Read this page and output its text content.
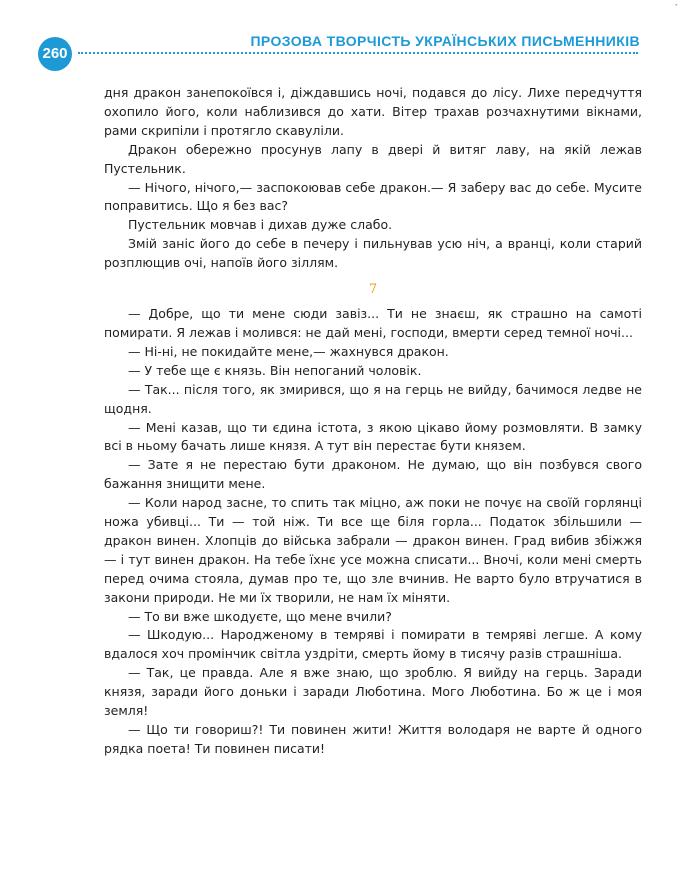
◔
260
ПРОЗОВА ТВОРЧІСТЬ УКРАЇНСЬКИХ ПИСЬМЕННИКІВ

дня дракон занепокоївся і, діждавшись ночі, подався до лісу. Лихе передчуття охопило його, коли наблизився до хати. Вітер трахав розчахнутими вікнами, рами скрипіли і протягло скавуліли.

Дракон обережно просунув лапу в двері й витяг лаву, на якій лежав Пустельник.

— Нічого, нічого,— заспокоював себе дракон.— Я заберу вас до себе. Мусите поправитись. Що я без вас?

Пустельник мовчав і дихав дуже слабо.

Змій заніс його до себе в печеру і пильнував усю ніч, а вранці, коли старий розплющив очі, напоїв його зіллям.

7

— Добре, що ти мене сюди завіз... Ти не знаєш, як страшно на самоті помирати. Я лежав і молився: не дай мені, господи, вмерти серед темної ночі...

— Ні-ні, не покидайте мене,— жахнувся дракон.

— У тебе ще є князь. Він непоганий чоловік.

— Так... після того, як змирився, що я на герць не вийду, бачимося ледве не щодня.

— Мені казав, що ти єдина істота, з якою цікаво йому розмовляти. В замку всі в ньому бачать лише князя. А тут він перестає бути князем.

— Зате я не перестаю бути драконом. Не думаю, що він позбувся свого бажання знищити мене.

— Коли народ засне, то спить так міцно, аж поки не почує на своїй горлянці ножа убивці... Ти — той ніж. Ти все ще біля горла... Податок збільшили — дракон винен. Хлопців до війська забрали — дракон винен. Град вибив збіжжя — і тут винен дракон. На тебе їхнє усе можна списати... Вночі, коли мені смерть перед очима стояла, думав про те, що зле вчинив. Не варто було втручатися в закони природи. Не ми їх творили, не нам їх міняти.

— То ви вже шкодуєте, що мене вчили?

— Шкодую... Народженому в темряві і помирати в темряві легше. А кому вдалося хоч промінчик світла уздріти, смерть йому в тисячу разів страшніша.

— Так, це правда. Але я вже знаю, що зроблю. Я вийду на герць. Заради князя, заради його доньки і заради Люботина. Мого Люботина. Бо ж це і моя земля!

— Що ти говориш?! Ти повинен жити! Життя володаря не варте й одного рядка поета! Ти повинен писати!
